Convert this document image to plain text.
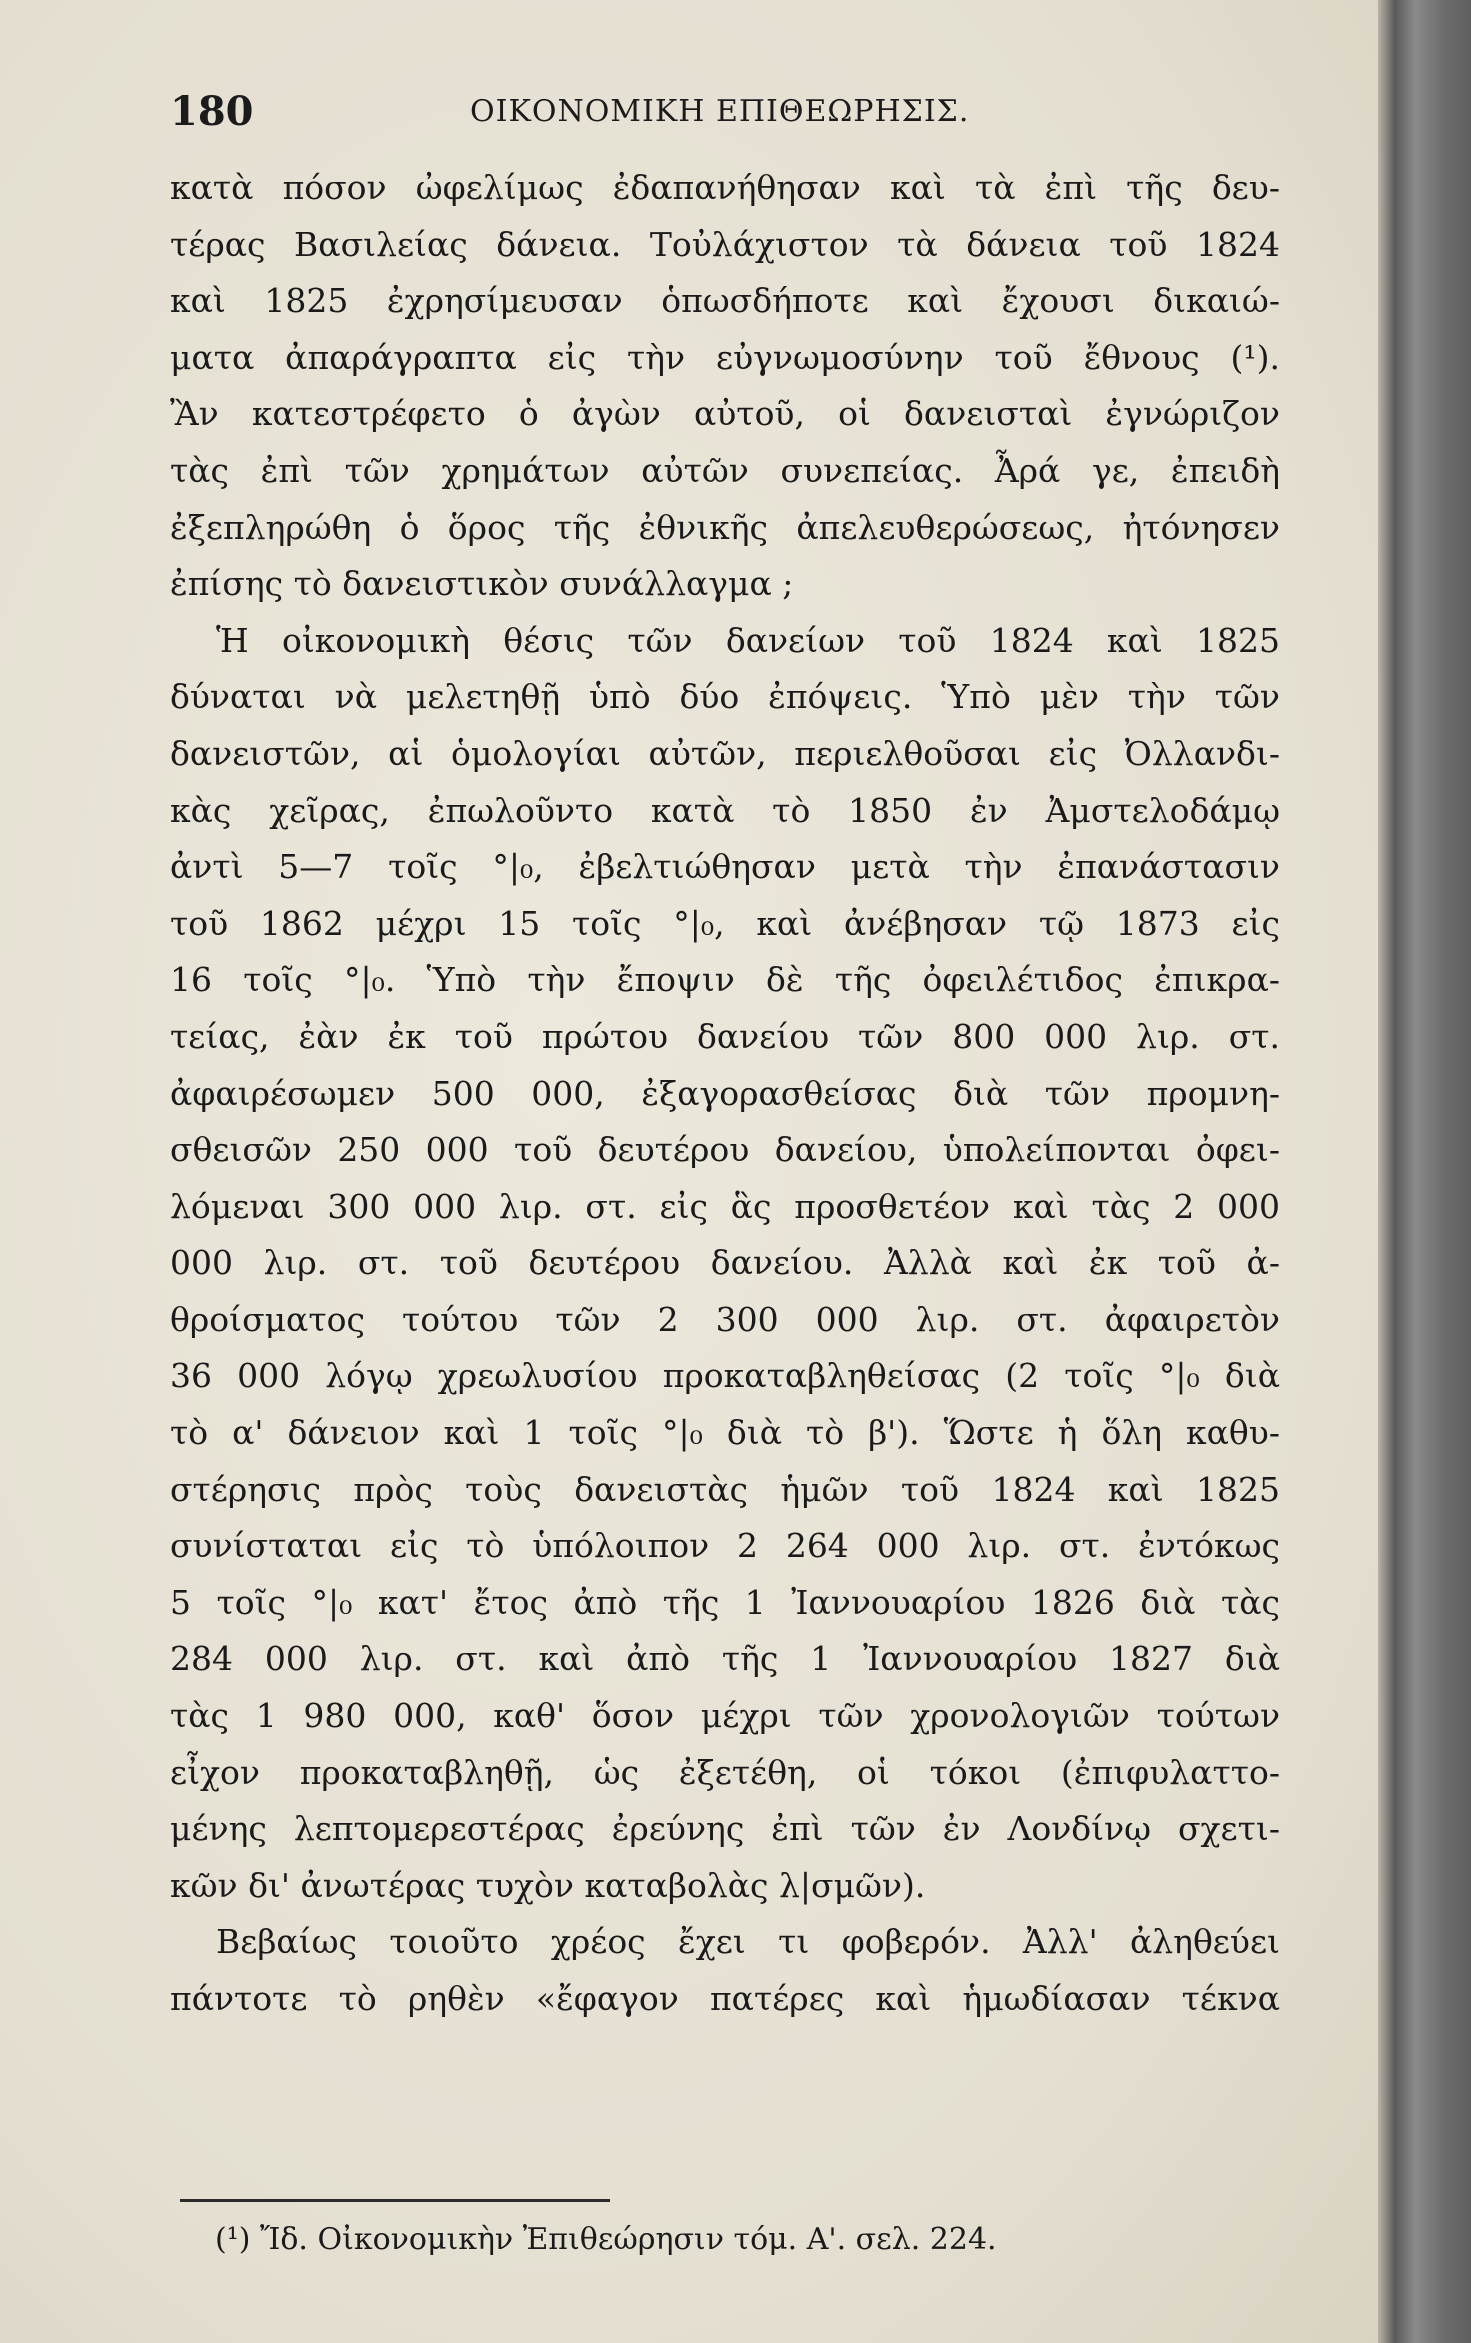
180	ΟΙΚΟΝΟΜΙΚΗ ΕΠΙΘΕΩΡΗΣΙΣ.
κατὰ πόσον ὠφελίμως ἐδαπανήθησαν καὶ τὰ ἐπὶ τῆς δευ-
τέρας Βασιλείας δάνεια. Τοὐλάχιστον τὰ δάνεια τοῦ 1824
καὶ 1825 ἐχρησίμευσαν ὁπωσδήποτε καὶ ἔχουσι δικαιώ-
ματα ἀπαράγραπτα εἰς τὴν εὐγνωμοσύνην τοῦ ἔθνους (¹).
Ἂν κατεστρέφετο ὁ ἀγὼν αὐτοῦ, οἱ δανεισταὶ ἐγνώριζον
τὰς ἐπὶ τῶν χρημάτων αὐτῶν συνεπείας. Ἆρά γε, ἐπειδὴ
ἐξεπληρώθη ὁ ὅρος τῆς ἐθνικῆς ἀπελευθερώσεως, ἠτόνησεν
ἐπίσης τὸ δανειστικὸν συνάλλαγμα ;
Ἡ οἰκονομικὴ θέσις τῶν δανείων τοῦ 1824 καὶ 1825
δύναται νὰ μελετηθῇ ὑπὸ δύο ἐπόψεις. Ὑπὸ μὲν τὴν τῶν
δανειστῶν, αἱ ὁμολογίαι αὐτῶν, περιελθοῦσαι εἰς Ὀλλανδι-
κὰς χεῖρας, ἐπωλοῦντο κατὰ τὸ 1850 ἐν Ἀμστελοδάμῳ
ἀντὶ 5—7 τοῖς °|₀, ἐβελτιώθησαν μετὰ τὴν ἐπανάστασιν
τοῦ 1862 μέχρι 15 τοῖς °|₀, καὶ ἀνέβησαν τῷ 1873 εἰς
16 τοῖς °|₀. Ὑπὸ τὴν ἔποψιν δὲ τῆς ὀφειλέτιδος ἐπικρα-
τείας, ἐὰν ἐκ τοῦ πρώτου δανείου τῶν 800 000 λιρ. στ.
ἀφαιρέσωμεν 500 000, ἐξαγορασθείσας διὰ τῶν προμνη-
σθεισῶν 250 000 τοῦ δευτέρου δανείου, ὑπολείπονται ὀφει-
λόμεναι 300 000 λιρ. στ. εἰς ἃς προσθετέον καὶ τὰς 2 000
000 λιρ. στ. τοῦ δευτέρου δανείου. Ἀλλὰ καὶ ἐκ τοῦ ἀ-
θροίσματος τούτου τῶν 2 300 000 λιρ. στ. ἀφαιρετὸν
36 000 λόγῳ χρεωλυσίου προκαταβληθείσας (2 τοῖς °|₀ διὰ
τὸ α' δάνειον καὶ 1 τοῖς °|₀ διὰ τὸ β'). Ὥστε ἡ ὅλη καθυ-
στέρησις πρὸς τοὺς δανειστὰς ἡμῶν τοῦ 1824 καὶ 1825
συνίσταται εἰς τὸ ὑπόλοιπον 2 264 000 λιρ. στ. ἐντόκως
5 τοῖς °|₀ κατ' ἔτος ἀπὸ τῆς 1 Ἰαννουαρίου 1826 διὰ τὰς
284 000 λιρ. στ. καὶ ἀπὸ τῆς 1 Ἰαννουαρίου 1827 διὰ
τὰς 1 980 000, καθ' ὅσον μέχρι τῶν χρονολογιῶν τούτων
εἶχον προκαταβληθῇ, ὡς ἐξετέθη, οἱ τόκοι (ἐπιφυλαττο-
μένης λεπτομερεστέρας ἐρεύνης ἐπὶ τῶν ἐν Λονδίνῳ σχετι-
κῶν δι' ἀνωτέρας τυχὸν καταβολὰς λ|σμῶν).
Βεβαίως τοιοῦτο χρέος ἔχει τι φοβερόν. Ἀλλ' ἀληθεύει
πάντοτε τὸ ρηθὲν «ἔφαγον πατέρες καὶ ἡμωδίασαν τέκνα
(¹) Ἴδ. Οἰκονομικὴν Ἐπιθεώρησιν τόμ. Α'. σελ. 224.
